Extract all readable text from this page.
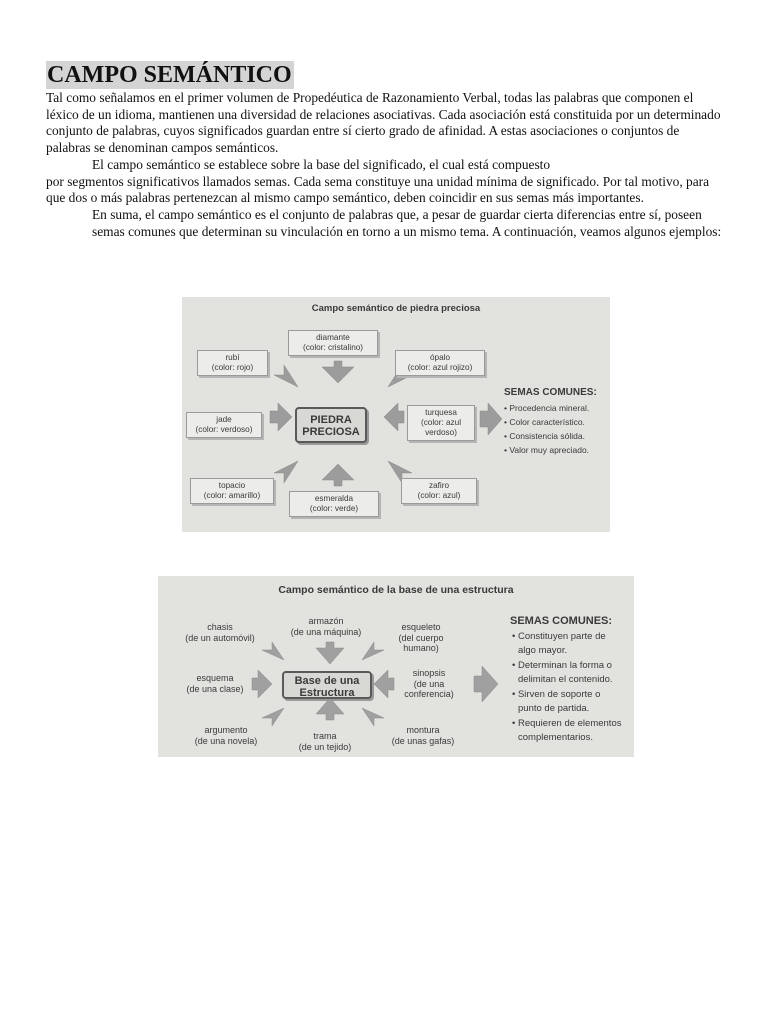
CAMPO SEMÁNTICO

Tal como señalamos en el primer volumen de Propedéutica de Razonamiento Verbal, todas las palabras que componen el léxico de un idioma, mantienen una diversidad de relaciones asociativas. Cada asociación está constituida por un determinado conjunto de palabras, cuyos significados guardan entre sí cierto grado de afinidad. A estas asociaciones o conjuntos de palabras se denominan campos semánticos.

El campo semántico se establece sobre la base del significado, el cual está compuesto

por segmentos significativos llamados semas. Cada sema constituye una unidad mínima de significado. Por tal motivo, para que dos o más palabras pertenezcan al mismo campo semántico, deben coincidir en sus semas más importantes.

En suma, el campo semántico es el conjunto de palabras que, a pesar de guardar cierta diferencias entre sí, poseen semas comunes que determinan su vinculación en torno a un mismo tema. A continuación, veamos algunos ejemplos:

Campo semántico de piedra preciosa
diamante
(color: cristalino)
rubí
(color: rojo)
ópalo
(color: azul rojizo)
jade
(color: verdoso)
PIEDRA
PRECIOSA
turquesa
(color: azul
verdoso)
topacio
(color: amarillo)	esmeralda
(color: verde)
zafiro
(color: azul)
SEMAS COMUNES:
• Procedencia mineral.
• Color característico.
• Consistencia sólida.
• Valor muy apreciado.
Campo semántico de la base de una estructura
chasis
(de un automóvil)
armazón
(de una máquina)	esqueleto
(del cuerpo
humano)
esquema
(de una clase)
Base de una
Estructura
sinopsis
(de una
conferencia)
argumento
(de una novela)	trama
(de un tejido)
montura
(de unas gafas)
SEMAS COMUNES:
• Constituyen parte de
algo mayor.
• Determinan la forma o
delimitan el contenido.
• Sirven de soporte o
punto de partida.
• Requieren de elementos
complementarios.
